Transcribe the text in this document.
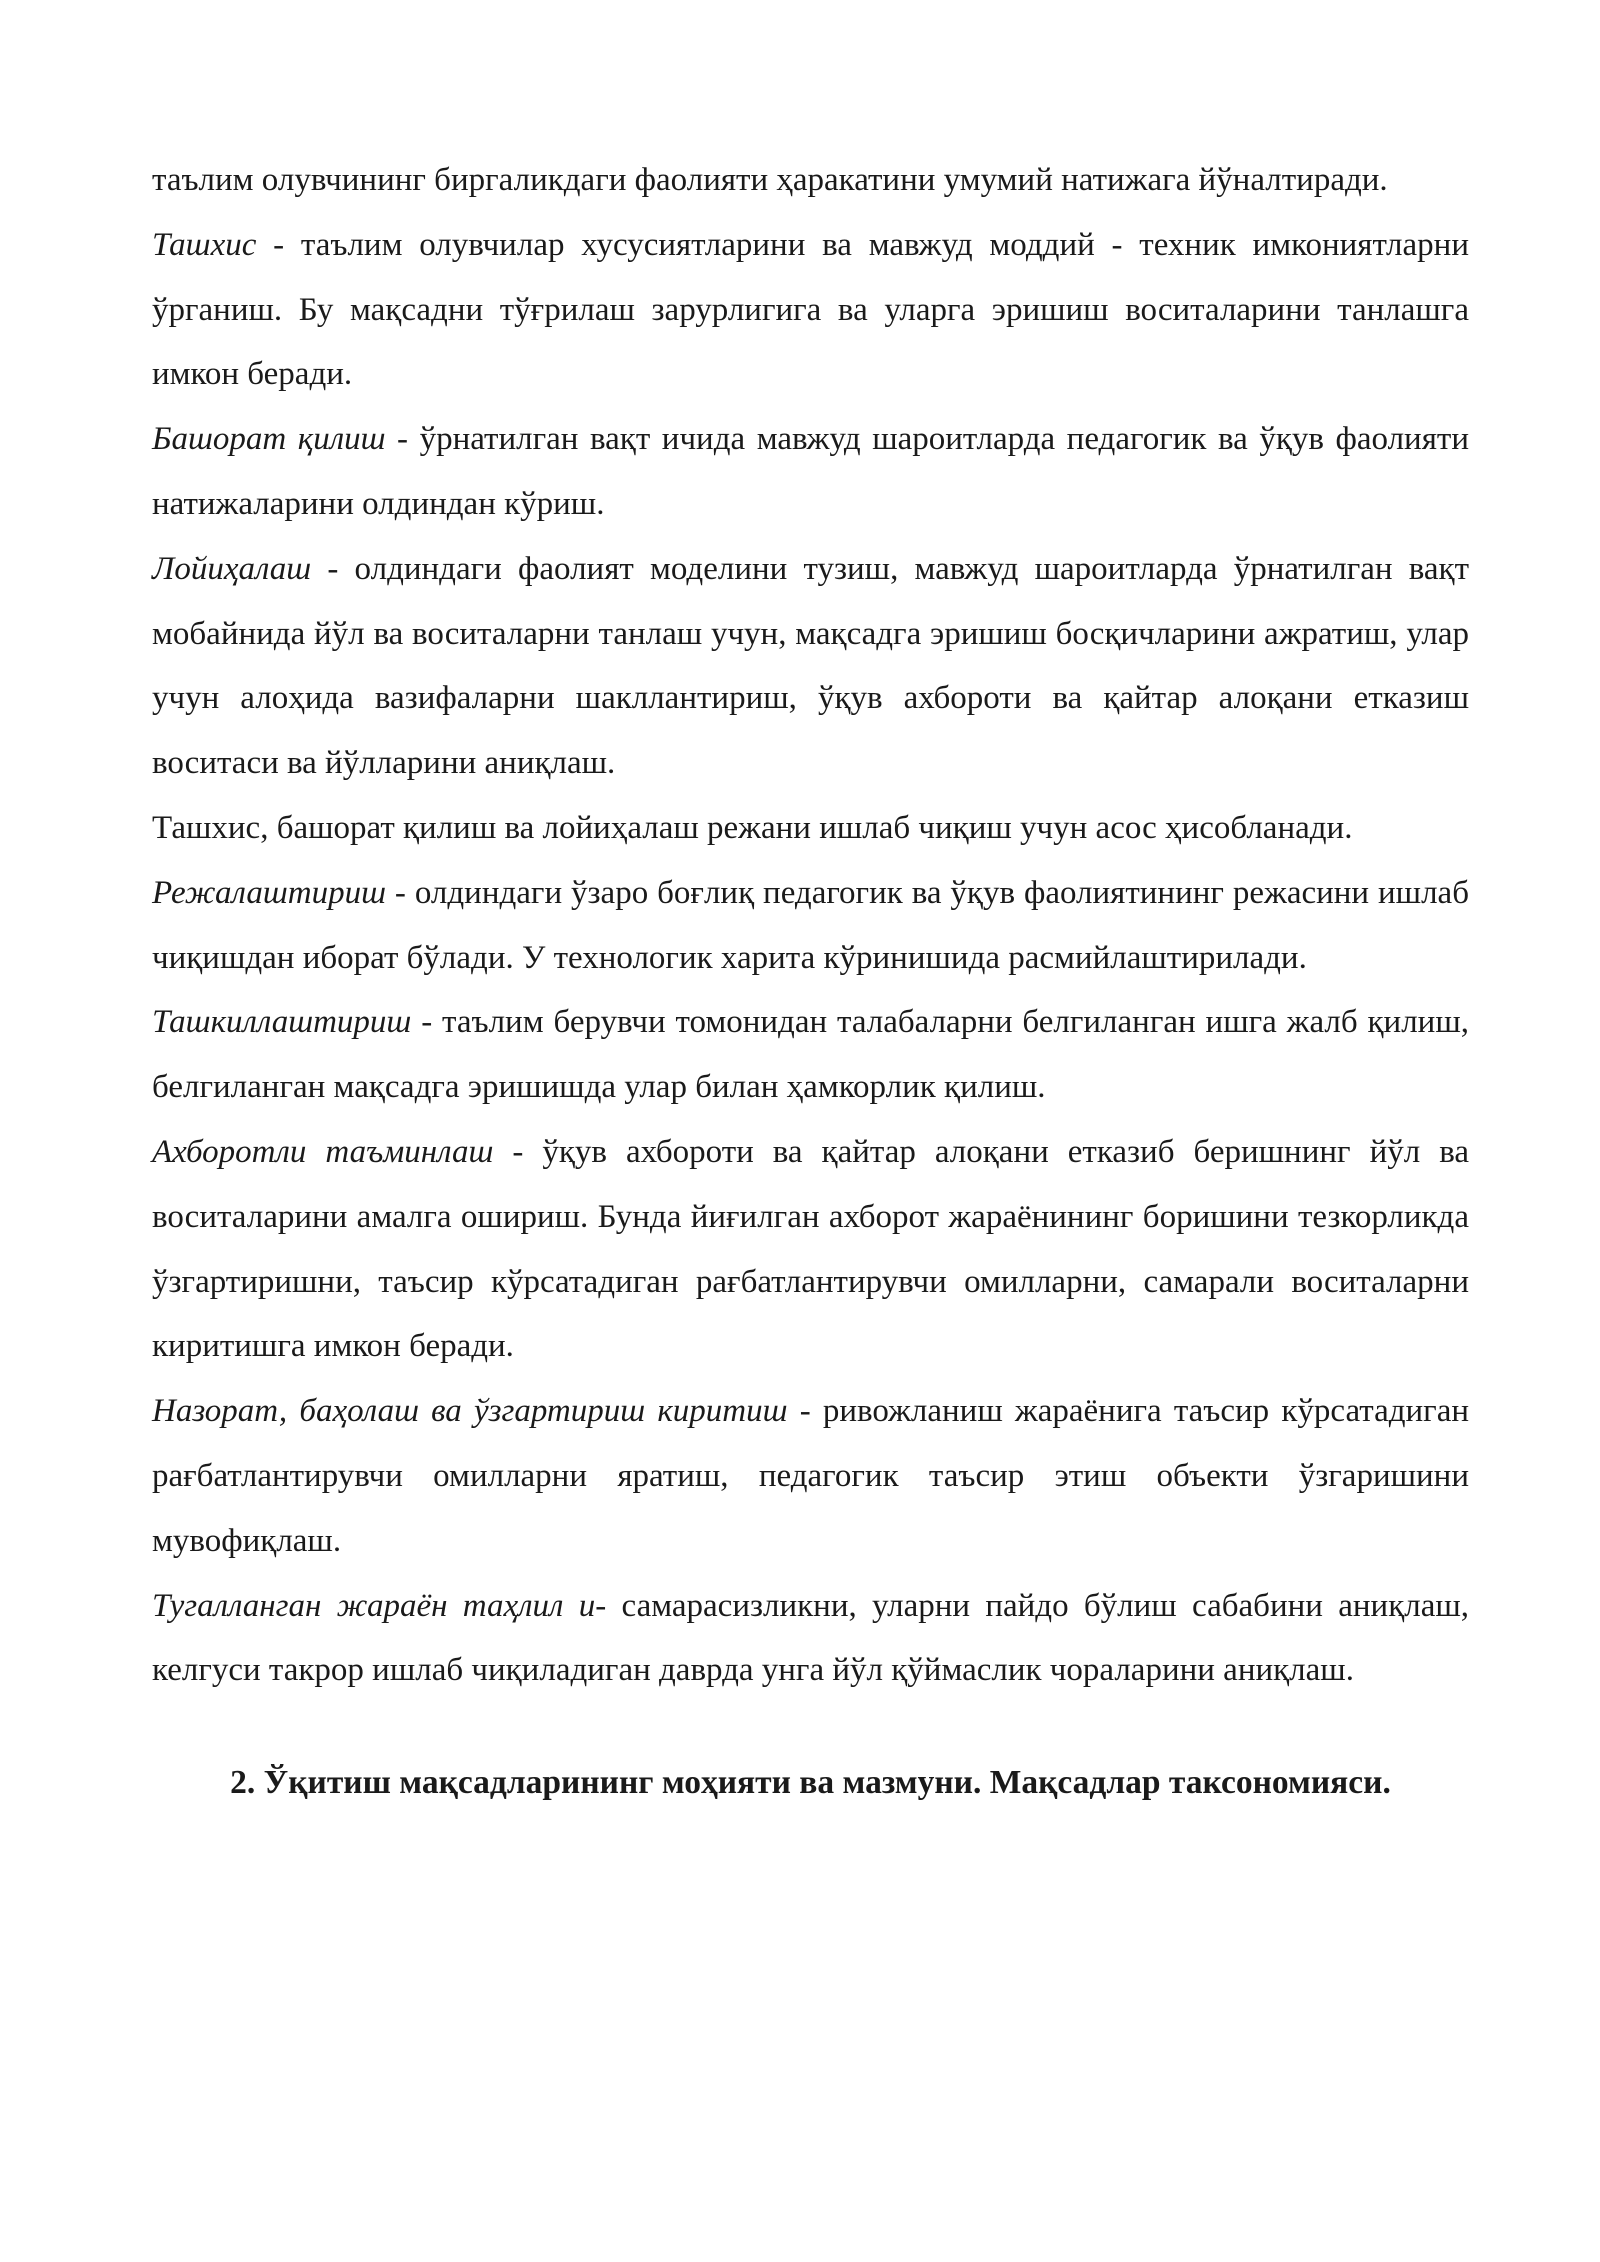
таълим олувчининг биргаликдаги фаолияти ҳаракатини умумий натижага йўналтиради.

Ташхис - таълим олувчилар хусусиятларини ва мавжуд моддий - техник имкониятларни ўрганиш. Бу мақсадни тўғрилаш зарурлигига ва уларга эришиш воситаларини танлашга имкон беради.

Башорат қилиш - ўрнатилган вақт ичида мавжуд шароитларда педагогик ва ўқув фаолияти натижаларини олдиндан кўриш.

Лойиҳалаш - олдиндаги фаолият моделини тузиш, мавжуд шароитларда ўрнатилган вақт мобайнида йўл ва воситаларни танлаш учун, мақсадга эришиш босқичларини ажратиш, улар учун алоҳида вазифаларни шакллантириш, ўқув ахбороти ва қайтар алоқани етказиш воситаси ва йўлларини аниқлаш.

Ташхис, башорат қилиш ва лойиҳалаш режани ишлаб чиқиш учун асос ҳисобланади.

Режалаштириш - олдиндаги ўзаро боғлиқ педагогик ва ўқув фаолиятининг режасини ишлаб чиқишдан иборат бўлади. У технологик харита кўринишида расмийлаштирилади.

Ташкиллаштириш - таълим берувчи томонидан талабаларни белгиланган ишга жалб қилиш, белгиланган мақсадга эришишда улар билан ҳамкорлик қилиш.

Ахборотли таъминлаш - ўқув ахбороти ва қайтар алоқани етказиб беришнинг йўл ва воситаларини амалга ошириш. Бунда йиғилган ахборот жараёнининг боришини тезкорликда ўзгартиришни, таъсир кўрсатадиган рағбатлантирувчи омилларни, самарали воситаларни киритишга имкон беради.

Назорат, баҳолаш ва ўзгартириш киритиш - ривожланиш жараёнига таъсир кўрсатадиган рағбатлантирувчи омилларни яратиш, педагогик таъсир этиш объекти ўзгаришини мувофиқлаш.

Тугалланган жараён таҳлил и- самарасизликни, уларни пайдо бўлиш сабабини аниқлаш, келгуси такрор ишлаб чиқиладиган даврда унга йўл қўймаслик чораларини аниқлаш.

2. Ўқитиш мақсадларининг моҳияти ва мазмуни. Мақсадлар таксономияси.
